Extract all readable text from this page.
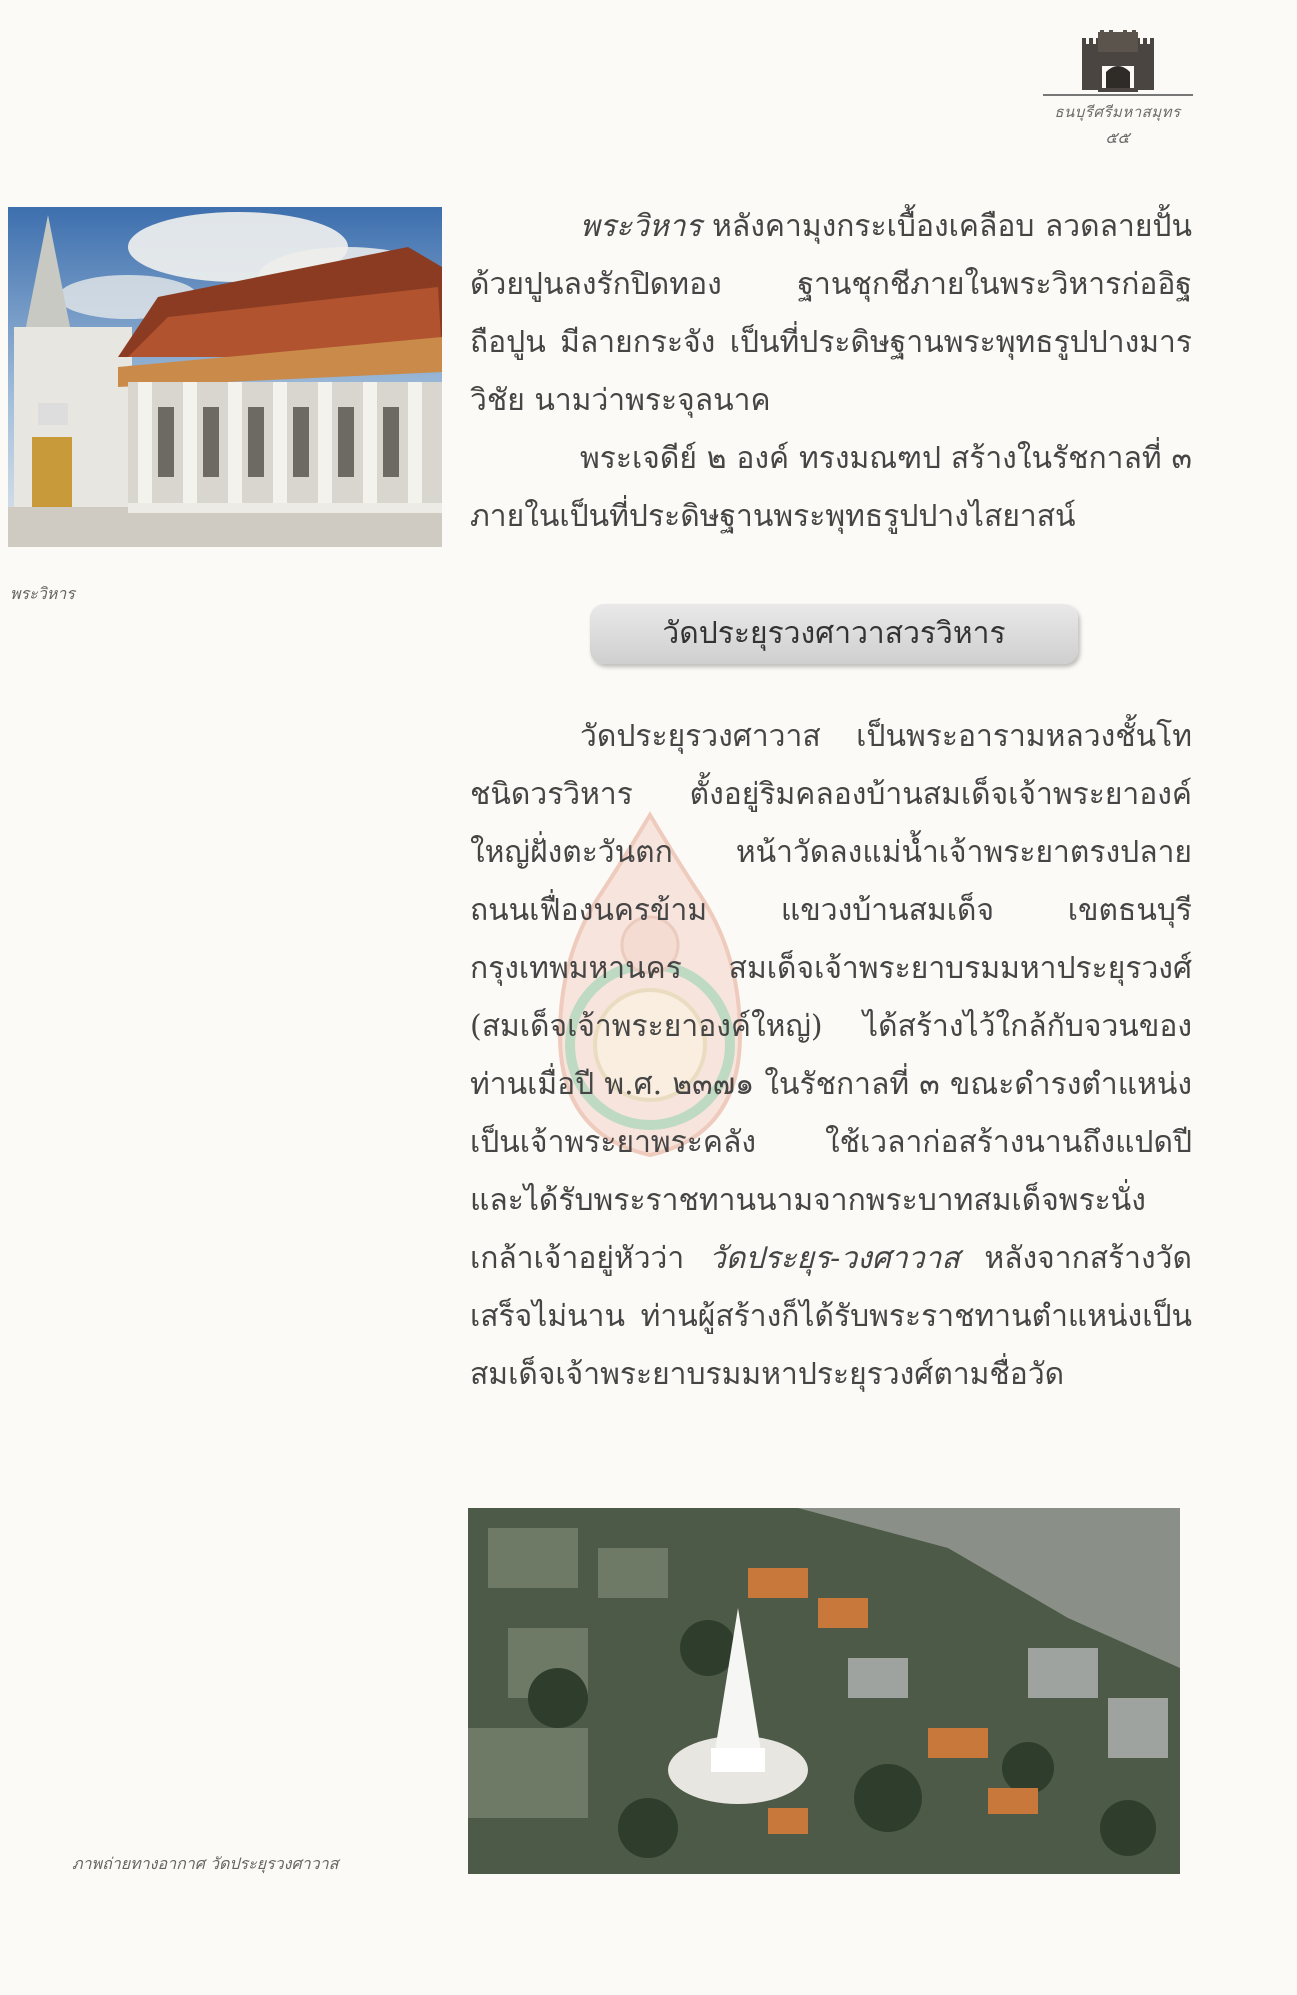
ธนบุรีศรีมหาสมุทร
๕๕
พระวิหาร

พระวิหาร หลังคามุงกระเบื้องเคลือบ ลวดลายปั้นด้วยปูนลงรักปิดทอง ฐานชุกชีภายในพระวิหารก่ออิฐถือปูน มีลายกระจัง เป็นที่ประดิษฐานพระพุทธรูปปางมารวิชัย นามว่าพระจุลนาค

พระเจดีย์ ๒ องค์ ทรงมณฑป สร้างในรัชกาลที่ ๓ ภายในเป็นที่ประดิษฐานพระพุทธรูปปางไสยาสน์

วัดประยุรวงศาวาสวรวิหาร

วัดประยุรวงศาวาส เป็นพระอารามหลวงชั้นโท ชนิดวรวิหาร ตั้งอยู่ริมคลองบ้านสมเด็จเจ้าพระยาองค์ใหญ่ฝั่งตะวันตก หน้าวัดลงแม่น้ำเจ้าพระยาตรงปลายถนนเฟื่องนครข้าม แขวงบ้านสมเด็จ เขตธนบุรี กรุงเทพมหานคร สมเด็จเจ้าพระยาบรมมหาประยุรวงศ์ (สมเด็จเจ้าพระยาองค์ใหญ่) ได้สร้างไว้ใกล้กับจวนของท่านเมื่อปี พ.ศ. ๒๓๗๑ ในรัชกาลที่ ๓ ขณะดำรงตำแหน่งเป็นเจ้าพระยาพระคลัง ใช้เวลาก่อสร้างนานถึงแปดปี และได้รับพระราชทานนามจากพระบาทสมเด็จพระนั่งเกล้าเจ้าอยู่หัวว่า วัดประยุร-วงศาวาส หลังจากสร้างวัดเสร็จไม่นาน ท่านผู้สร้างก็ได้รับพระราชทานตำแหน่งเป็นสมเด็จเจ้าพระยาบรมมหาประยุรวงศ์ตามชื่อวัด

ภาพถ่ายทางอากาศ วัดประยุรวงศาวาส
